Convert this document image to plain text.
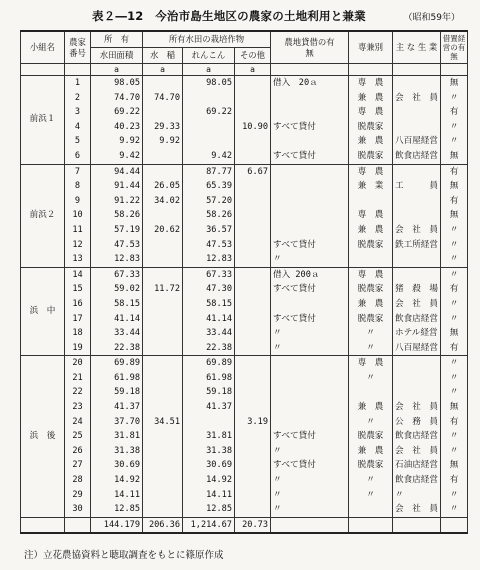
表２―12　今治市島生地区の農家の土地利用と兼業	（昭和59年）
小組名	農家番号	所　有	所有水田の栽培作物			農地貸借の有　　無	専兼別	主 な 生 業	借置経営の有無
		水田面積	水　稲	れんこん	その他				
		a	a	a	a				
前浜１	1	98.05		98.05		借入　20ａ	専　農		無
	2	74.70	74.70				兼　農	会　社　員	〃
	3	69.22		69.22			専　農		有
	4	40.23	29.33		10.90	すべて貸付	脱農家		〃
	5	9.92	9.92				兼　農	八百屋経営	〃
	6	9.42		9.42		すべて貸付	脱農家	飲食店経営	無
前浜２	7	94.44		87.77	6.67		専　農		有
	8	91.44	26.05	65.39			兼　業	工　　　員	無
	9	91.22	34.02	57.20					有
	10	58.26		58.26			専　農		無
	11	57.19	20.62	36.57			兼　農	会　社　員	〃
	12	47.53		47.53		すべて貸付	脱農家	鉄工所経営	〃
	13	12.83		12.83		〃			〃
浜　中	14	67.33		67.33		借入 200ａ	専　農		〃
	15	59.02	11.72	47.30		すべて貸付	脱農家	猪　殺　場	有
	16	58.15		58.15			兼　農	会　社　員	〃
	17	41.14		41.14		すべて貸付	脱農家	飲食店経営	〃
	18	33.44		33.44		〃	〃	ホテル経営	無
	19	22.38		22.38		〃	〃	八百屋経営	有
浜　後	20	69.89		69.89			専　農		〃
	21	61.98		61.98			〃		〃
	22	59.18		59.18					〃
	23	41.37		41.37			兼　農	会　社　員	無
	24	37.70	34.51		3.19		〃	公　務　員	有
	25	31.81		31.81		すべて貸付	脱農家	飲食店経営	〃
	26	31.38		31.38		〃	兼　農	会　社　員	〃
	27	30.69		30.69		すべて貸付	脱農家	石油店経営	無
	28	14.92		14.92		〃	〃	飲食店経営	有
	29	14.11		14.11		〃	〃	〃	〃
	30	12.85		12.85		〃		会　社　員	〃
		144.179	206.36	1,214.67	20.73				
注）立花農協資料と聴取調査をもとに篠原作成
